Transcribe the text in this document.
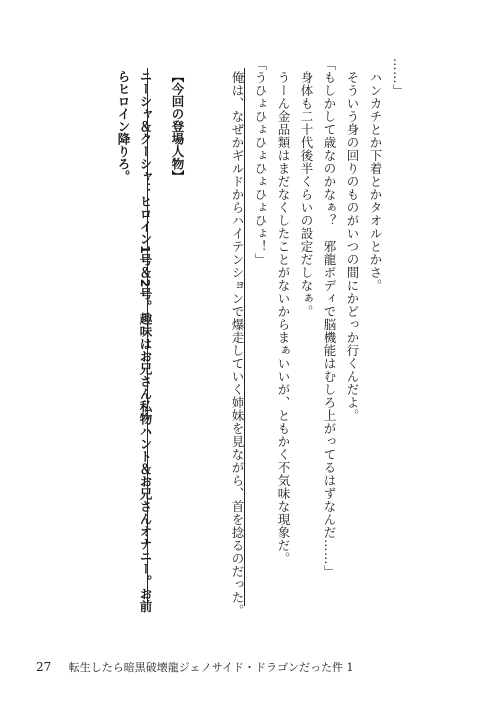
……」
ハンカチとか下着とかタオルとかさ。
そういう身の回りのものがいつの間にかどっか行くんだよ。
「もしかして歳なのかなぁ？　邪龍ボディで脳機能はむしろ上がってるはずなんだ……」
身体も二十代後半くらいの設定だしなぁ。
うーん金品類はまだなくしたことがないからまぁいいが、ともかく不気味な現象だ。
「うひょひょひょひょひょひょ！」
俺は、なぜかギルドからハイテンションで爆走していく姉妹を見ながら、首を捻るのだった。
【今回の登場人物】
ニーシャ＆クーシャ：ヒロイン1号＆2号。趣味はお兄さん私物ハント＆お兄さんオナニー。お前
らヒロイン降りろ。
27 転生したら暗黒破壊龍ジェノサイド・ドラゴンだった件 1
